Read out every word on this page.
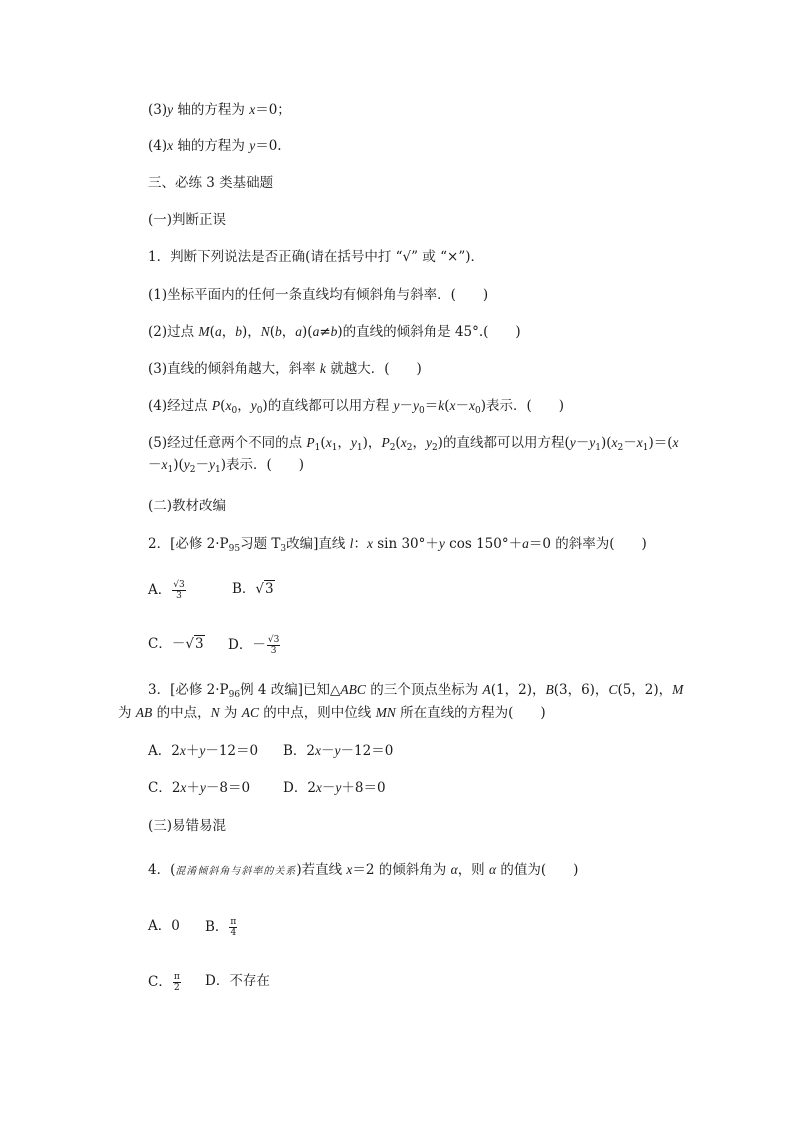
(3)y 轴的方程为 x＝0；
(4)x 轴的方程为 y＝0.
三、必练 3 类基础题
(一)判断正误
1．判断下列说法是否正确(请在括号中打 “√” 或 “×”)．
(1)坐标平面内的任何一条直线均有倾斜角与斜率．(　　)
(2)过点 M(a，b)，N(b，a)(a≠b)的直线的倾斜角是 45°.(　　)
(3)直线的倾斜角越大，斜率 k 就越大．(　　)
(4)经过点 $P(x_0$，$y_0$)的直线都可以用方程 $y-y_0=k(x-x_0)$表示．(　　)
(5)经过任意两个不同的点 $P_1(x_1$，$y_1$)，$P_2(x_2$，$y_2$)的直线都可以用方程$(y-y_1)(x_2-x_1)=(x-x_1)(y_2-y_1)$表示．(　　)
(二)教材改编
2．[必修 $2\cdot P_{95}$习题 $T_3$改编]直线 l：x sin 30°＋y cos 150°＋a＝0 的斜率为(　　)
A． $\frac{√3}{3}$	B．√3
C．－√3 D．－ $\frac{√3}{3}$
3．[必修 $2\cdot P_{96}$例 4 改编]已知△ABC 的三个顶点坐标为 A(1，2)，B(3，6)，C(5，2)，M
为 AB 的中点，N 为 AC 的中点，则中位线 MN 所在直线的方程为(　　)
A．2x＋y－12＝0 B．2x－y－12＝0
C．2x＋y－8＝0 D．2x－y＋8＝0
(三)易错易混
4．(混淆倾斜角与斜率的关系)若直线 x＝2 的倾斜角为 α，则 α 的值为(　　)
A．0 B． $\frac{\pi}{4}$
C． $\frac{\pi}{2}$ D．不存在
